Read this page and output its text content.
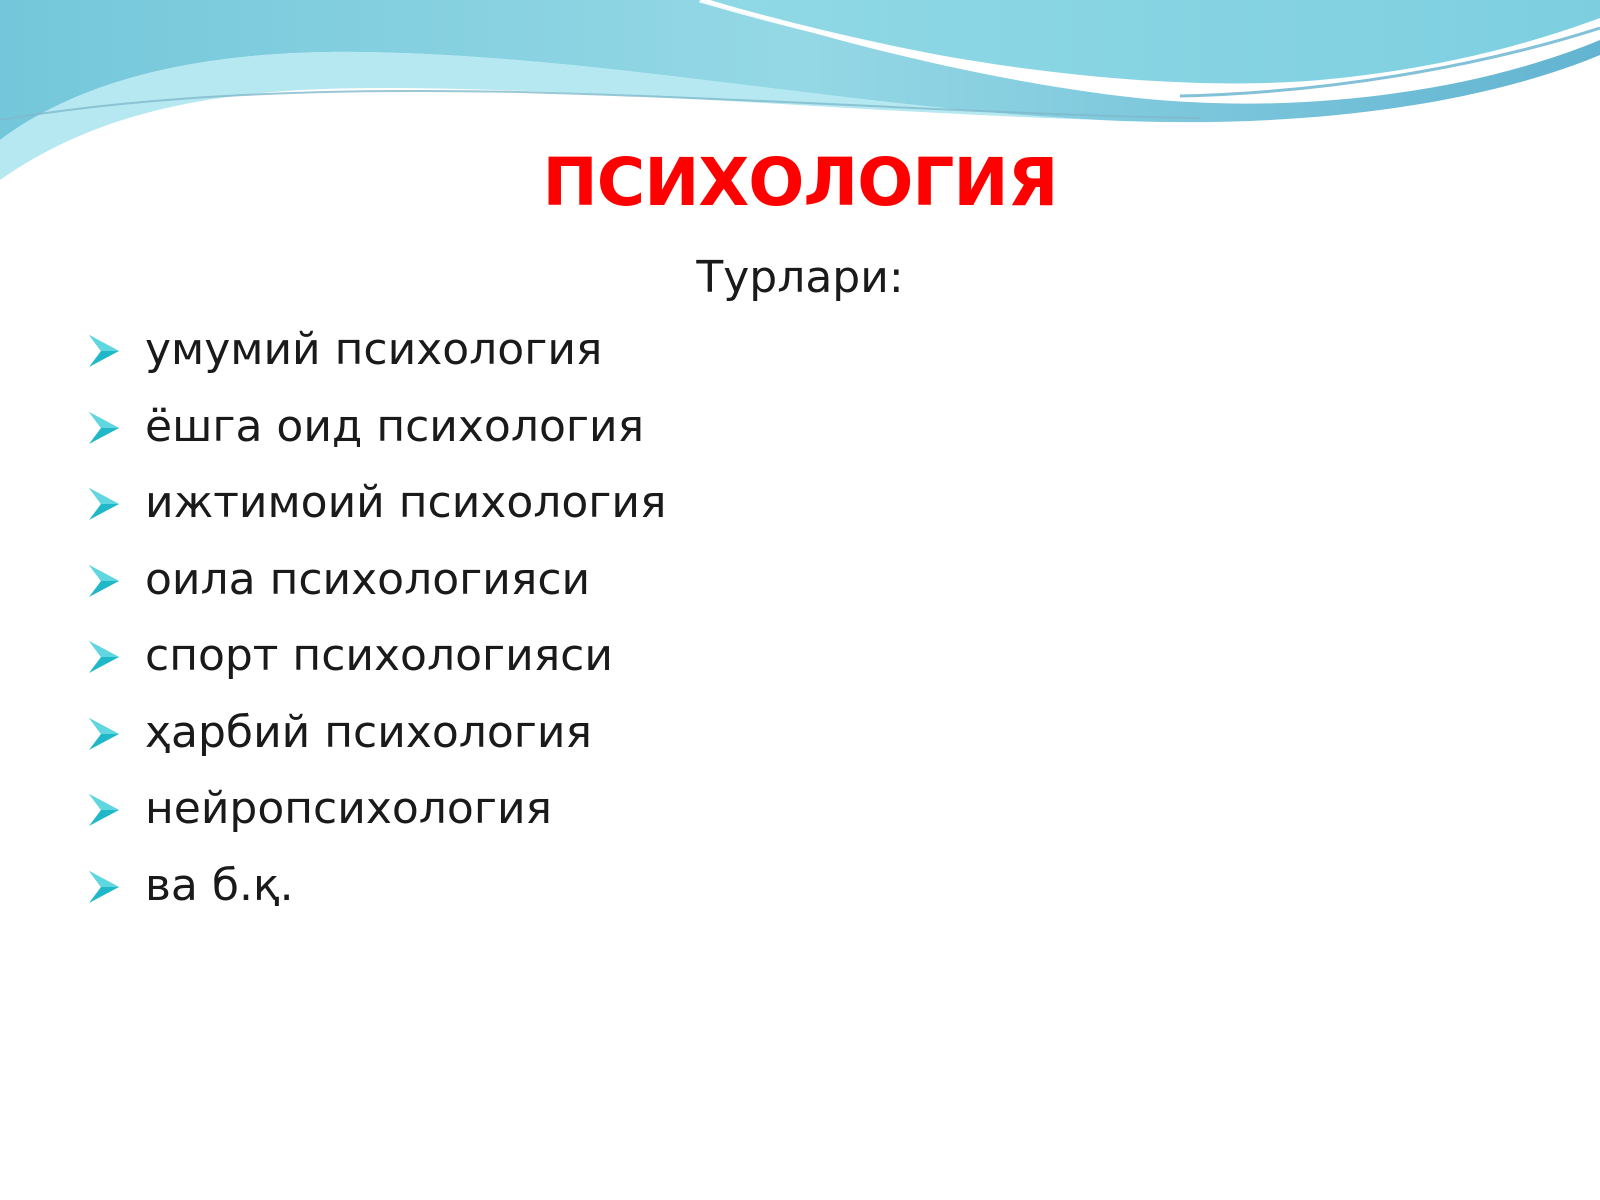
ПСИХОЛОГИЯ
Турлари:
умумий психология
ёшга оид психология
ижтимоий психология
оила психологияси
спорт психологияси
ҳарбий психология
нейропсихология
ва б.қ.
